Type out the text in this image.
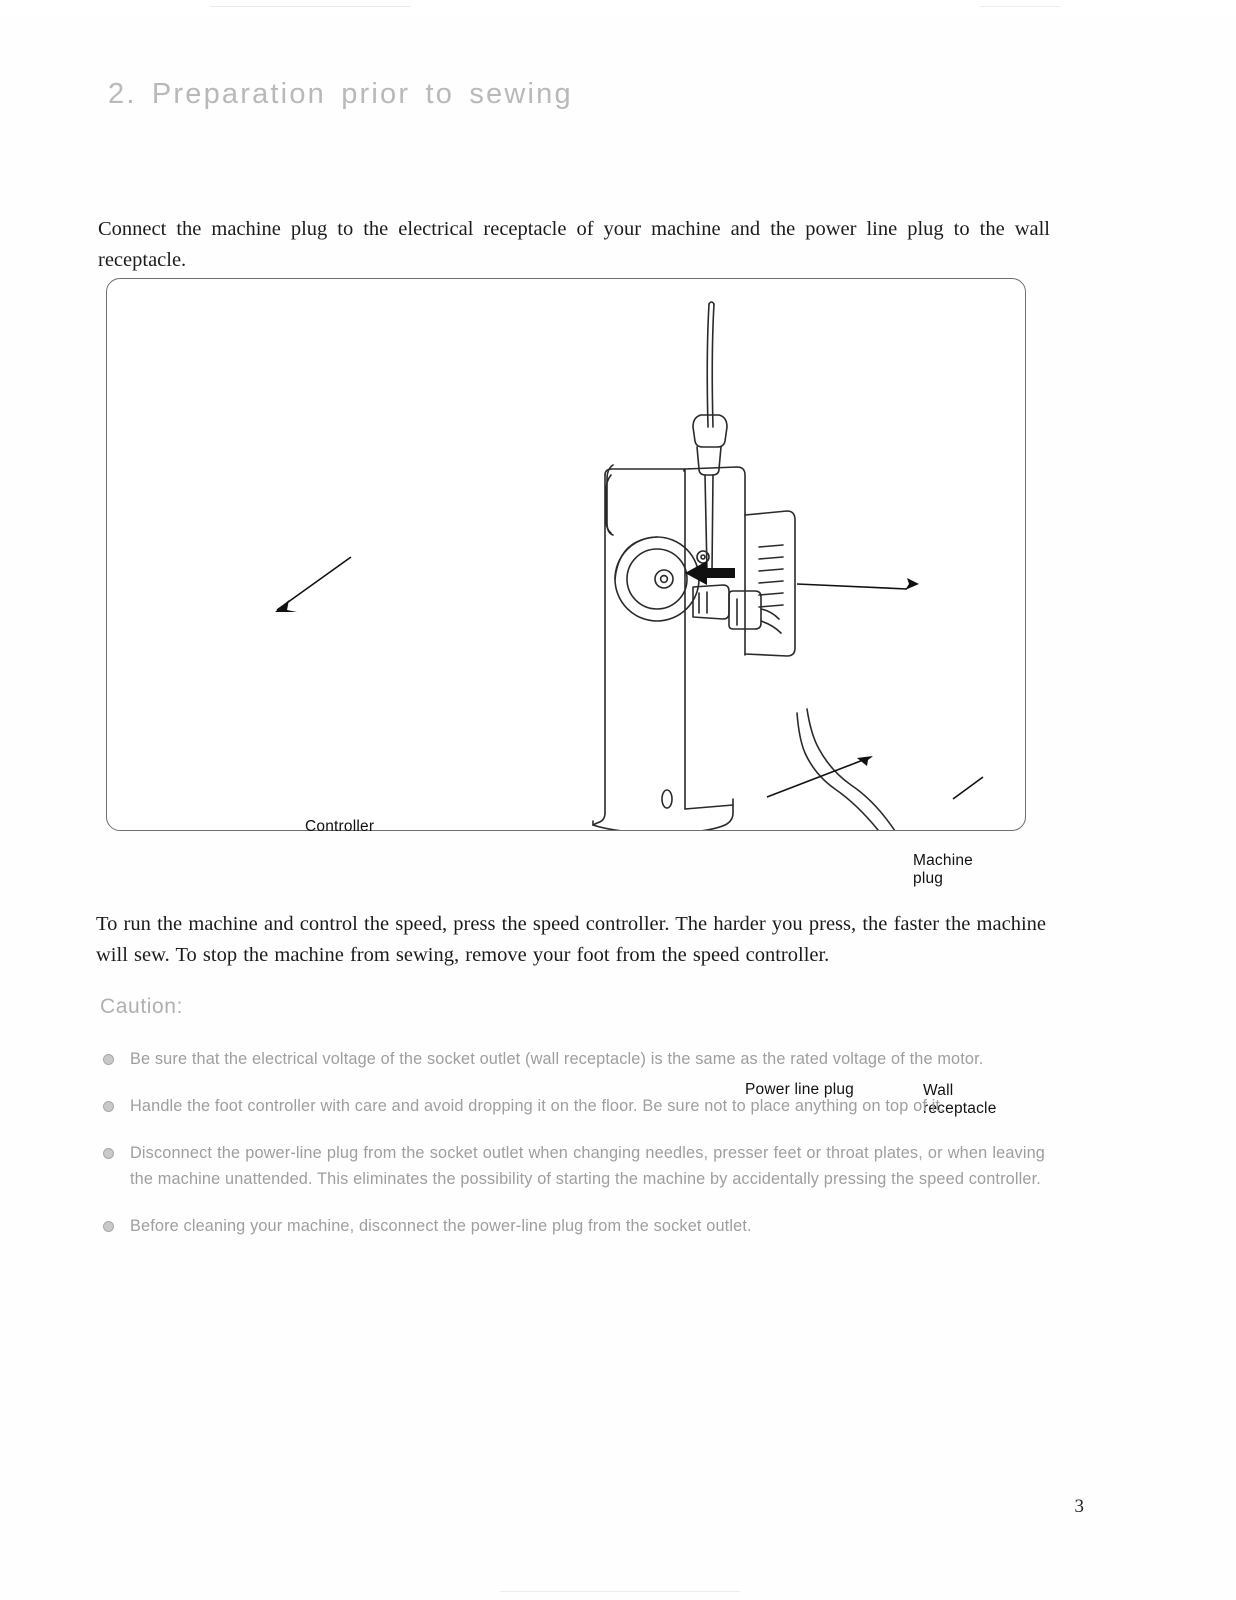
2. Preparation prior to sewing

Connect the machine plug to the electrical receptacle of your machine and the power line plug to the wall receptacle.

Controller
Machine
plug
Power line plug	Wall receptacle

To run the machine and control the speed, press the speed controller. The harder you press, the faster the machine will sew. To stop the machine from sewing, remove your foot from the speed controller.

Caution:
Be sure that the electrical voltage of the socket outlet (wall receptacle) is the same as the rated voltage of the motor.
Handle the foot controller with care and avoid dropping it on the floor. Be sure not to place anything on top of it.
Disconnect the power-line plug from the socket outlet when changing needles, presser feet or throat plates, or when leaving the machine unattended. This eliminates the possibility of starting the machine by accidentally pressing the speed controller.
Before cleaning your machine, disconnect the power-line plug from the socket outlet.
3
